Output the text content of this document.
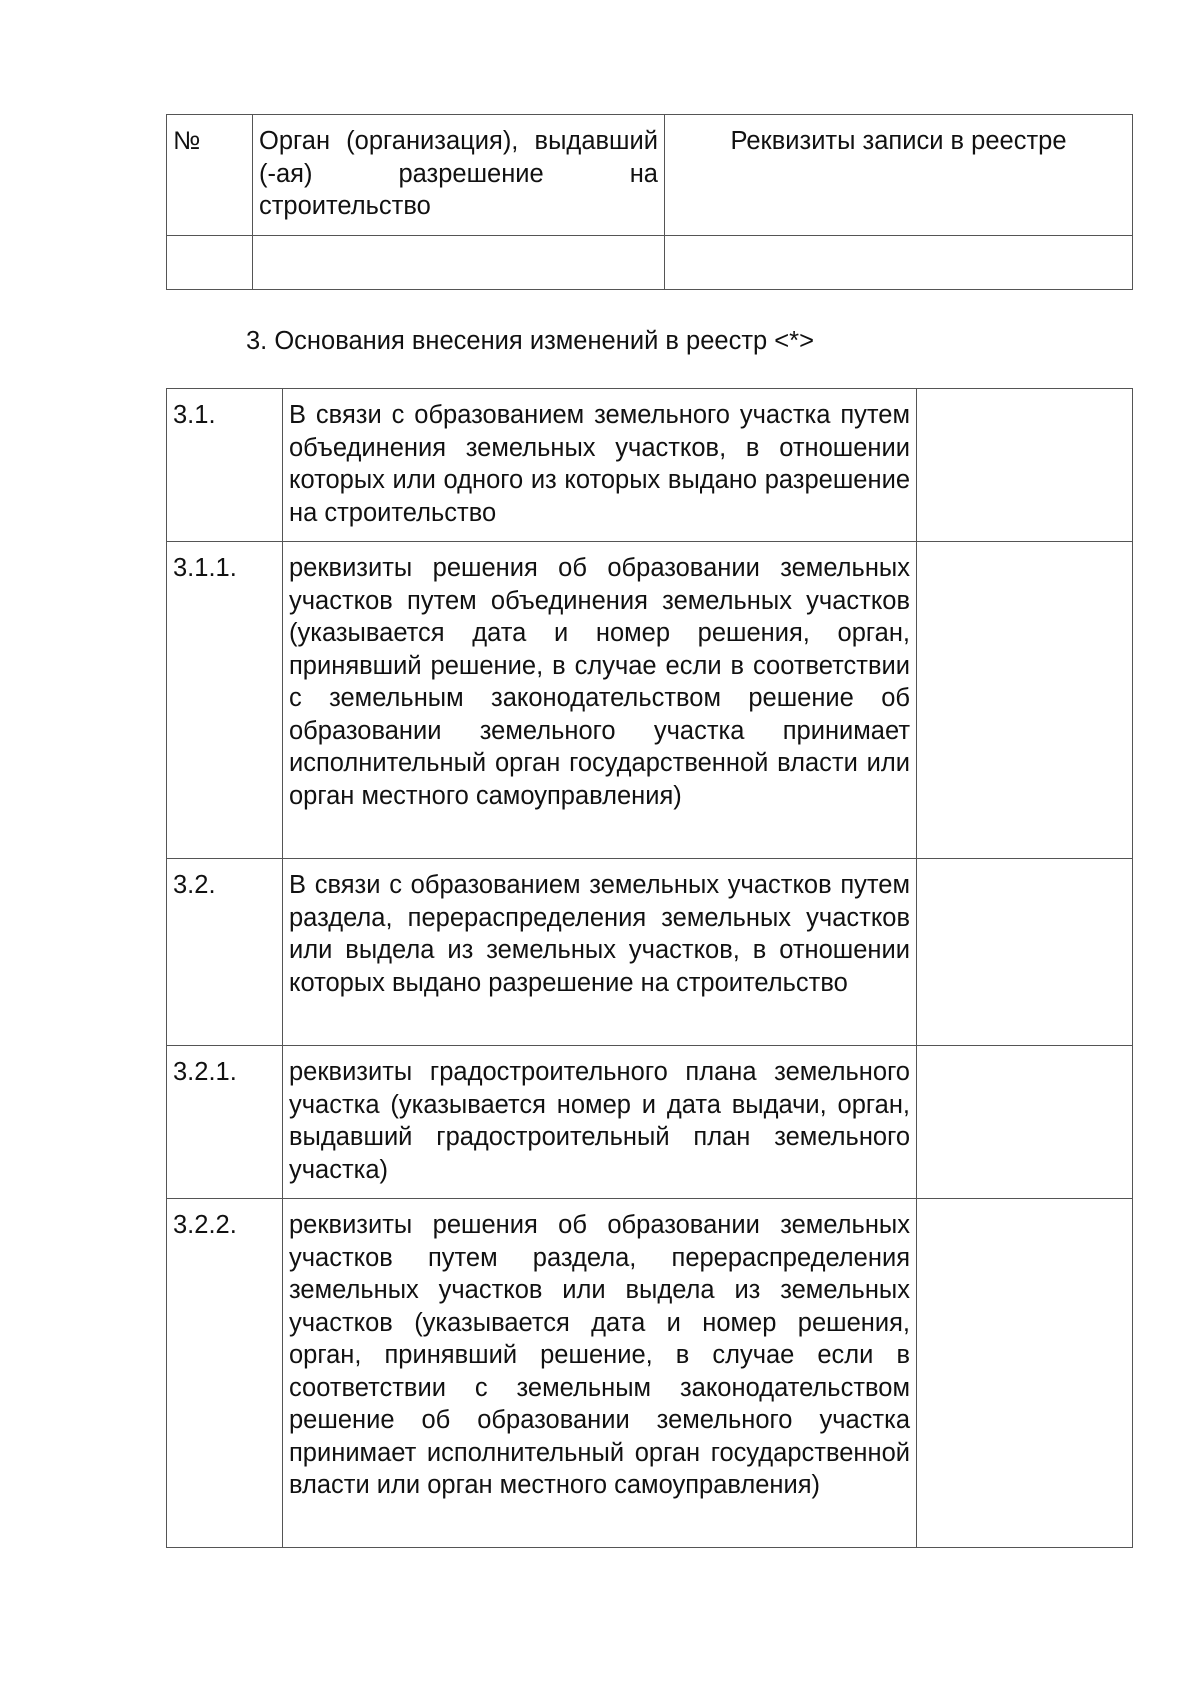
№	Орган (организация), выдавший (-ая) разрешение на строительство	Реквизиты записи в реестре

3. Основания внесения изменений в реестр <*>
3.1.	В связи с образованием земельного участка путем объединения земельных участков, в отношении которых или одного из которых выдано разрешение на строительство	

3.1.1.	реквизиты решения об образовании земельных участков путем объединения земельных участков (указывается дата и номер решения, орган, принявший решение, в случае если в соответствии с земельным законодательством решение об образовании земельного участка принимает исполнительный орган государственной власти или орган местного самоуправления)	

3.2.	В связи с образованием земельных участков путем раздела, перераспределения земельных участков или выдела из земельных участков, в отношении которых выдано разрешение на строительство	

3.2.1.	реквизиты градостроительного плана земельного участка (указывается номер и дата выдачи, орган, выдавший градостроительный план земельного участка)	

3.2.2.	реквизиты решения об образовании земельных участков путем раздела, перераспределения земельных участков или выдела из земельных участков (указывается дата и номер решения, орган, принявший решение, в случае если в соответствии с земельным законодательством решение об образовании земельного участка принимает исполнительный орган государственной власти или орган местного самоуправления)	
